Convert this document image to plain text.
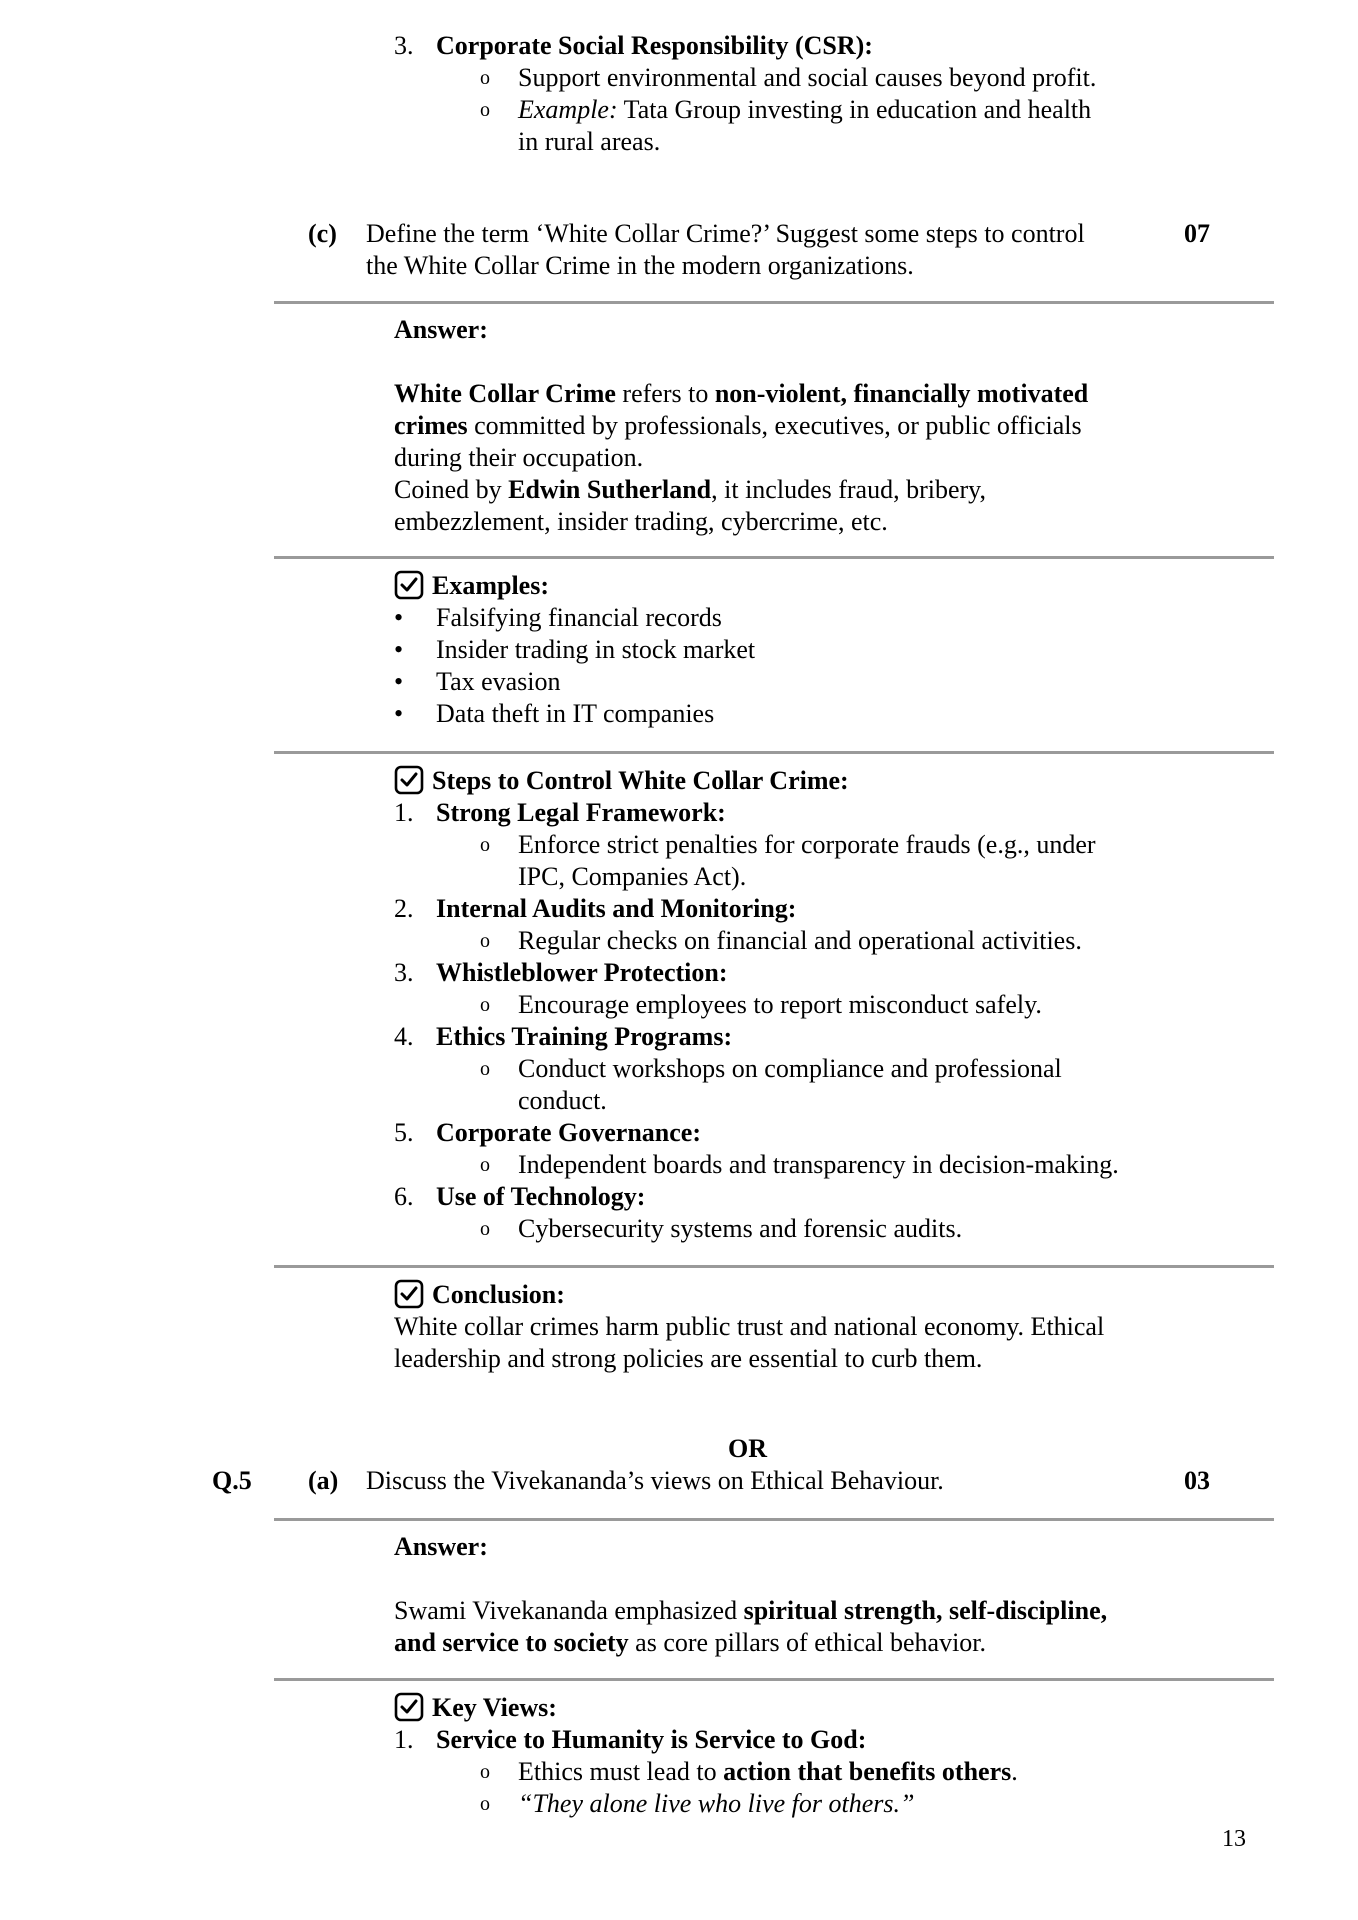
3. Corporate Social Responsibility (CSR):
o	Support environmental and social causes beyond profit.
o	Example: Tata Group investing in education and health
in rural areas.
(c) Define the term ‘White Collar Crime?’ Suggest some steps to control
the White Collar Crime in the modern organizations.
07
Answer:
White Collar Crime refers to non-violent, financially motivated
crimes committed by professionals, executives, or public officials
during their occupation.
Coined by Edwin Sutherland, it includes fraud, bribery,
embezzlement, insider trading, cybercrime, etc.
Examples:
•	Falsifying financial records
•	Insider trading in stock market
•	Tax evasion
•	Data theft in IT companies
Steps to Control White Collar Crime:
1. Strong Legal Framework:
o	Enforce strict penalties for corporate frauds (e.g., under
IPC, Companies Act).
2. Internal Audits and Monitoring:
o	Regular checks on financial and operational activities.
3. Whistleblower Protection:
o	Encourage employees to report misconduct safely.
4. Ethics Training Programs:
o	Conduct workshops on compliance and professional
conduct.
5. Corporate Governance:
o	Independent boards and transparency in decision-making.
6. Use of Technology:
o	Cybersecurity systems and forensic audits.
Conclusion:
White collar crimes harm public trust and national economy. Ethical
leadership and strong policies are essential to curb them.
OR
Q.5 (a) Discuss the Vivekananda’s views on Ethical Behaviour.	03
Answer:
Swami Vivekananda emphasized spiritual strength, self-discipline,
and service to society as core pillars of ethical behavior.
Key Views:
1. Service to Humanity is Service to God:
o	Ethics must lead to action that benefits others.
o	“They alone live who live for others.”
13
